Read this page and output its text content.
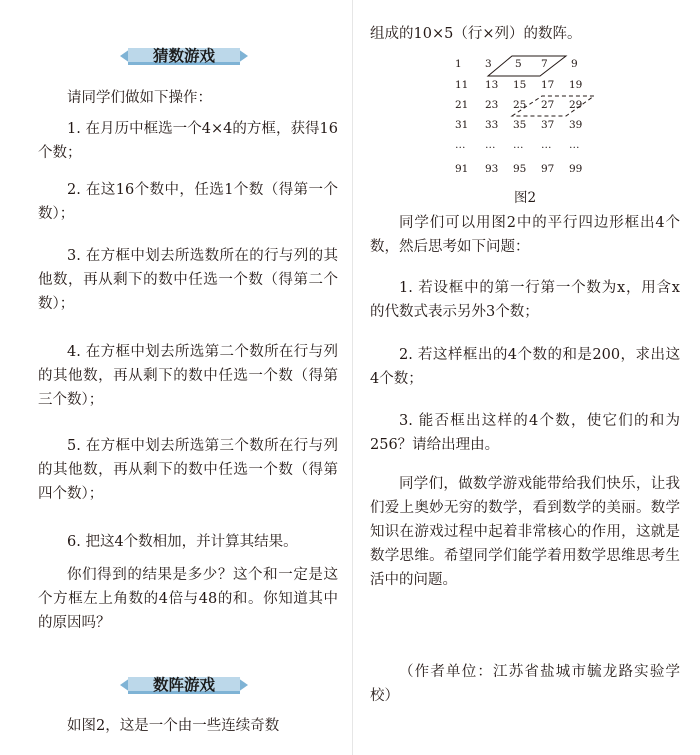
猜数游戏

请同学们做如下操作：

1. 在月历中框选一个4×4的方框，获得16个数；

2. 在这16个数中，任选1个数（得第一个数）；

3. 在方框中划去所选数所在的行与列的其他数，再从剩下的数中任选一个数（得第二个数）；

4. 在方框中划去所选第二个数所在行与列的其他数，再从剩下的数中任选一个数（得第三个数）；

5. 在方框中划去所选第三个数所在行与列的其他数，再从剩下的数中任选一个数（得第四个数）；

6. 把这4个数相加，并计算其结果。

你们得到的结果是多少？这个和一定是这个方框左上角数的4倍与48的和。你知道其中的原因吗？

数阵游戏

如图2，这是一个由一些连续奇数

组成的10×5（行×列）的数阵。

1	3	5	7	9
11	13	15	17	19
21	23	25	27	29
31	33	35	37	39
… … … … …
91	93	95	97	99
图2

同学们可以用图2中的平行四边形框出4个数，然后思考如下问题：

1. 若设框中的第一行第一个数为x，用含x的代数式表示另外3个数；

2. 若这样框出的4个数的和是200，求出这4个数；

3. 能否框出这样的4个数，使它们的和为256？请给出理由。

同学们，做数学游戏能带给我们快乐，让我们爱上奥妙无穷的数学，看到数学的美丽。数学知识在游戏过程中起着非常核心的作用，这就是数学思维。希望同学们能学着用数学思维思考生活中的问题。

（作者单位：江苏省盐城市毓龙路实验学校）
